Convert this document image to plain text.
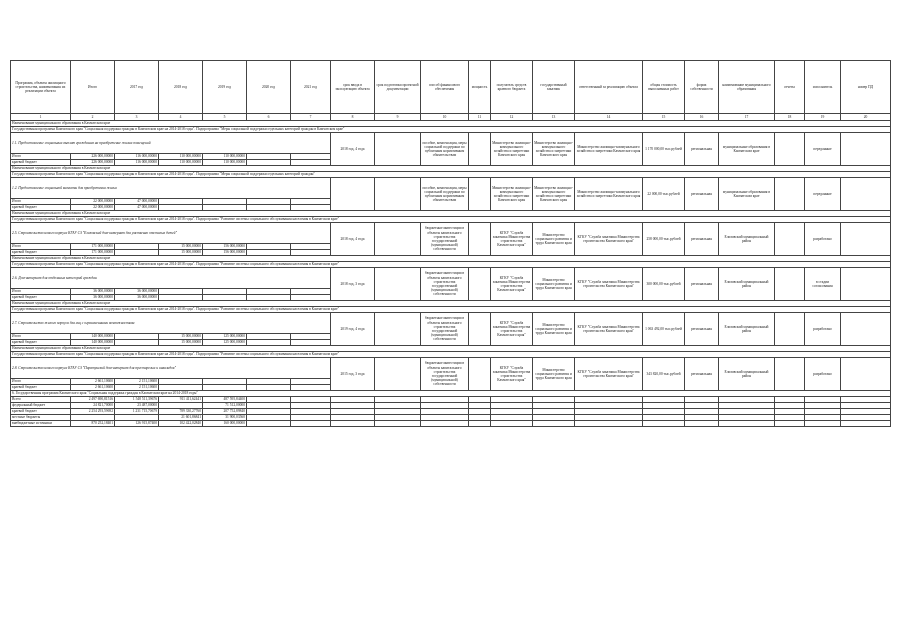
Программа, объекты жилищного строительства, наименования их реализации объекта	Итого	2017 год	2018 год	2019 год	2020 год	2021 год	срок ввода в эксплуатацию объекта	срок подготовки проектной документации	способ финансового обеспечения	мощность	получатель средств краевого бюджета	государственный заказчик	ответственный за реализацию объекта	общая стоимость выполненных работ	форма собственности	наименование муниципального образования	отчеты	исполнитель	номер ПД
1	2	3	4	5	6	7	8	9	10	11	12	13	14	15	16	17	18	19	20
Наименование муниципального образования в Камчатском крае																			
Государственная программа Камчатского края "Социальная поддержка граждан в Камчатском крае на 2014-2018 годы". Подпрограмма "Меры социальной поддержки отдельных категорий граждан в Камчатском крае"																			
1.1. Предоставление социальных выплат гражданам на приобретение жилых помещений							2018 год, 4 года		пособие, компенсация, меры социальной поддержки по публичным нормативным обязательствам		Министерство жилищно-коммунального хозяйства и энергетики Камчатского края	Министерство жилищно-коммунального хозяйства и энергетики Камчатского края	Министерство жилищно-коммунального хозяйства и энергетики Камчатского края	1 170 000,00 тыс.рублей	региональная	муниципальные образования в Камчатском крае		переданные	
Итого	226 000,00000	116 000,00000	110 000,00000	110 000,00000															
краевой бюджет	226 000,00000	116 000,00000	110 000,00000	110 000,00000															
Наименование муниципального образования в Камчатском крае																			
Государственная программа Камчатского края "Социальная поддержка граждан в Камчатском крае на 2014-2018 годы". Подпрограмма "Меры социальной поддержки отдельных категорий граждан"																			
1.2. Предоставление социальной выплаты для приобретения жилья									пособие, компенсация, меры социальной поддержки по публичным нормативным обязательствам		Министерство жилищно-коммунального хозяйства и энергетики Камчатского края	Министерство жилищно-коммунального хозяйства и энергетики Камчатского края	Министерство жилищно-коммунального хозяйства и энергетики Камчатского края	22 000,00 тыс.рублей	региональная	муниципальные образования в Камчатском крае		переданные	
Итого	22 000,00000	47 000,00000																	
краевой бюджет	22 000,00000	47 000,00000																	
Наименование муниципального образования в Камчатском крае																			
Государственная программа Камчатского края "Социальная поддержка граждан в Камчатском крае на 2014-2018 годы". Подпрограмма "Развитие системы социального обслуживания населения в Камчатском крае"																			
2.5. Строительство нового корпуса КГАУ СЗ "Елизовский дом-интернат для умственно отсталых детей"							2018 год, 4 года		бюджетные инвестиции в объекты капитального строительства государственной (муниципальной) собственности		КГКУ "Служба заказчика Министерства строительства Камчатского края"	Министерство социального развития и труда Камчатского края	КГКУ "Служба заказчика Министерства строительства Камчатского края"	258 000,00 тыс.рублей	региональная	Елизовский муниципальный район		разработано	
Итого	171 000,00000		15 000,00000	156 000,00000															
краевой бюджет	171 000,00000		15 000,00000	156 000,00000															
Наименование муниципального образования в Камчатском крае																			
Государственная программа Камчатского края "Социальная поддержка граждан в Камчатском крае на 2014-2018 годы". Подпрограмма "Развитие системы социального обслуживания населения в Камчатском крае"																			
2.6. Дом-интернат для отдельных категорий граждан							2018 год, 3 года		бюджетные инвестиции в объекты капитального строительства государственной (муниципальной) собственности		КГКУ "Служба заказчика Министерства строительства Камчатского края"	Министерство социального развития и труда Камчатского края	КГКУ "Служба заказчика Министерства строительства Камчатского края"	300 000,00 тыс.рублей	региональная	Елизовский муниципальный район		в стадии согласования	
Итого	36 000,00000	36 000,00000																	
краевой бюджет	36 000,00000	36 000,00000																	
Наименование муниципального образования в Камчатском крае																			
Государственная программа Камчатского края "Социальная поддержка граждан в Камчатском крае на 2014-2018 годы". Подпрограмма "Развитие системы социального обслуживания населения в Камчатском крае"																			
2.7. Строительство жилого корпуса для лиц с ограниченными возможностями							2019 год, 4 года		бюджетные инвестиции в объекты капитального строительства государственной (муниципальной) собственности		КГКУ "Служба заказчика Министерства строительства Камчатского края"	Министерство социального развития и труда Камчатского края	КГКУ "Служба заказчика Министерства строительства Камчатского края"	1 063 492,00 тыс.рублей	региональная	Елизовский муниципальный район		разработано	
Итого	140 000,00000		15 000,00000	125 000,00000															
краевой бюджет	140 000,00000		15 000,00000	125 000,00000															
Наименование муниципального образования в Камчатском крае																			
Государственная программа Камчатского края "Социальная поддержка граждан в Камчатском крае на 2014-2018 годы". Подпрограмма "Развитие системы социального обслуживания населения в Камчатском крае"																			
2.8. Строительство нового корпуса КГАУ СЗ "Паратунский дом-интернат для престарелых и инвалидов"							2015 год, 3 года		бюджетные инвестиции в объекты капитального строительства государственной (муниципальной) собственности		КГКУ "Служба заказчика Министерства строительства Камчатского края"	Министерство социального развития и труда Камчатского края	КГКУ "Служба заказчика Министерства строительства Камчатского края"	343 820,00 тыс.рублей	региональная	Елизовский муниципальный район		разработано	
Итого	2 661,10600	2 151,10600																	
краевой бюджет	2 661,10600	2 151,10600																	
6. Государственная программа Камчатского края "Социальная поддержка граждан в Камчатском крае на 2014-2018 годы"																			
Всего	2 497 690,81516	1 548 511,39676	911 411,62441	487 595,84400															
федеральный бюджет	24 821,70000	23 487,00000		71 512,00000															
краевой бюджет	2 254 293,59692	1 231 715,70679	789 330,27760	207 752,89840															
местные бюджеты			21 601,86841	31 900,03560															
внебюджетные источники	870 252,18401	126 915,87400	102 422,02840	160 000,00000															
